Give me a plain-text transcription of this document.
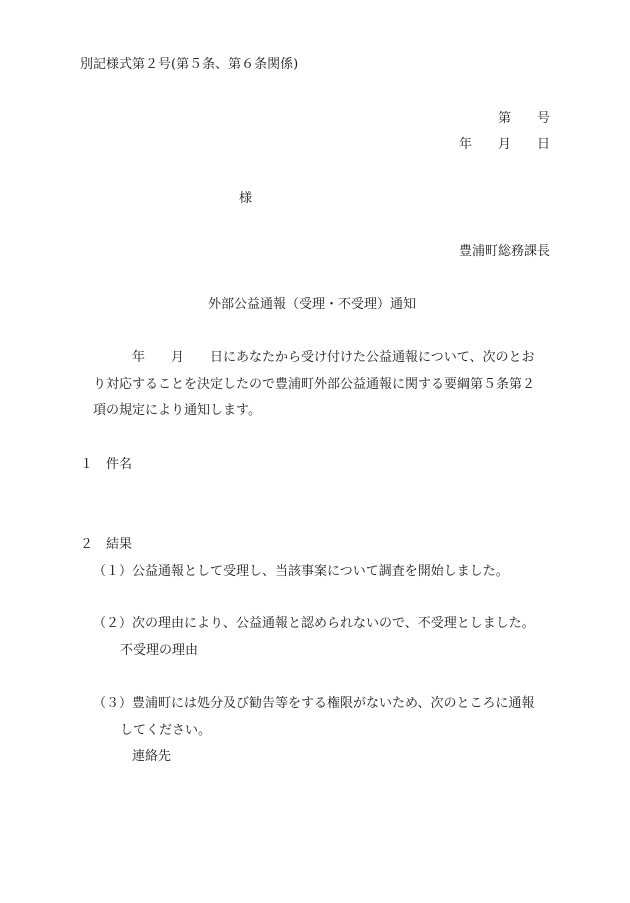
別記様式第２号(第５条、第６条関係)
第　　号
年　　月　　日
様
豊浦町総務課長
外部公益通報（受理・不受理）通知
年　　月　　日にあなたから受け付けた公益通報について、次のとお
り対応することを決定したので豊浦町外部公益通報に関する要綱第５条第２
項の規定により通知します。
１　件名
２　結果
（１）公益通報として受理し、当該事案について調査を開始しました。
（２）次の理由により、公益通報と認められないので、不受理としました。
不受理の理由
（３）豊浦町には処分及び勧告等をする権限がないため、次のところに通報
してください。
連絡先
